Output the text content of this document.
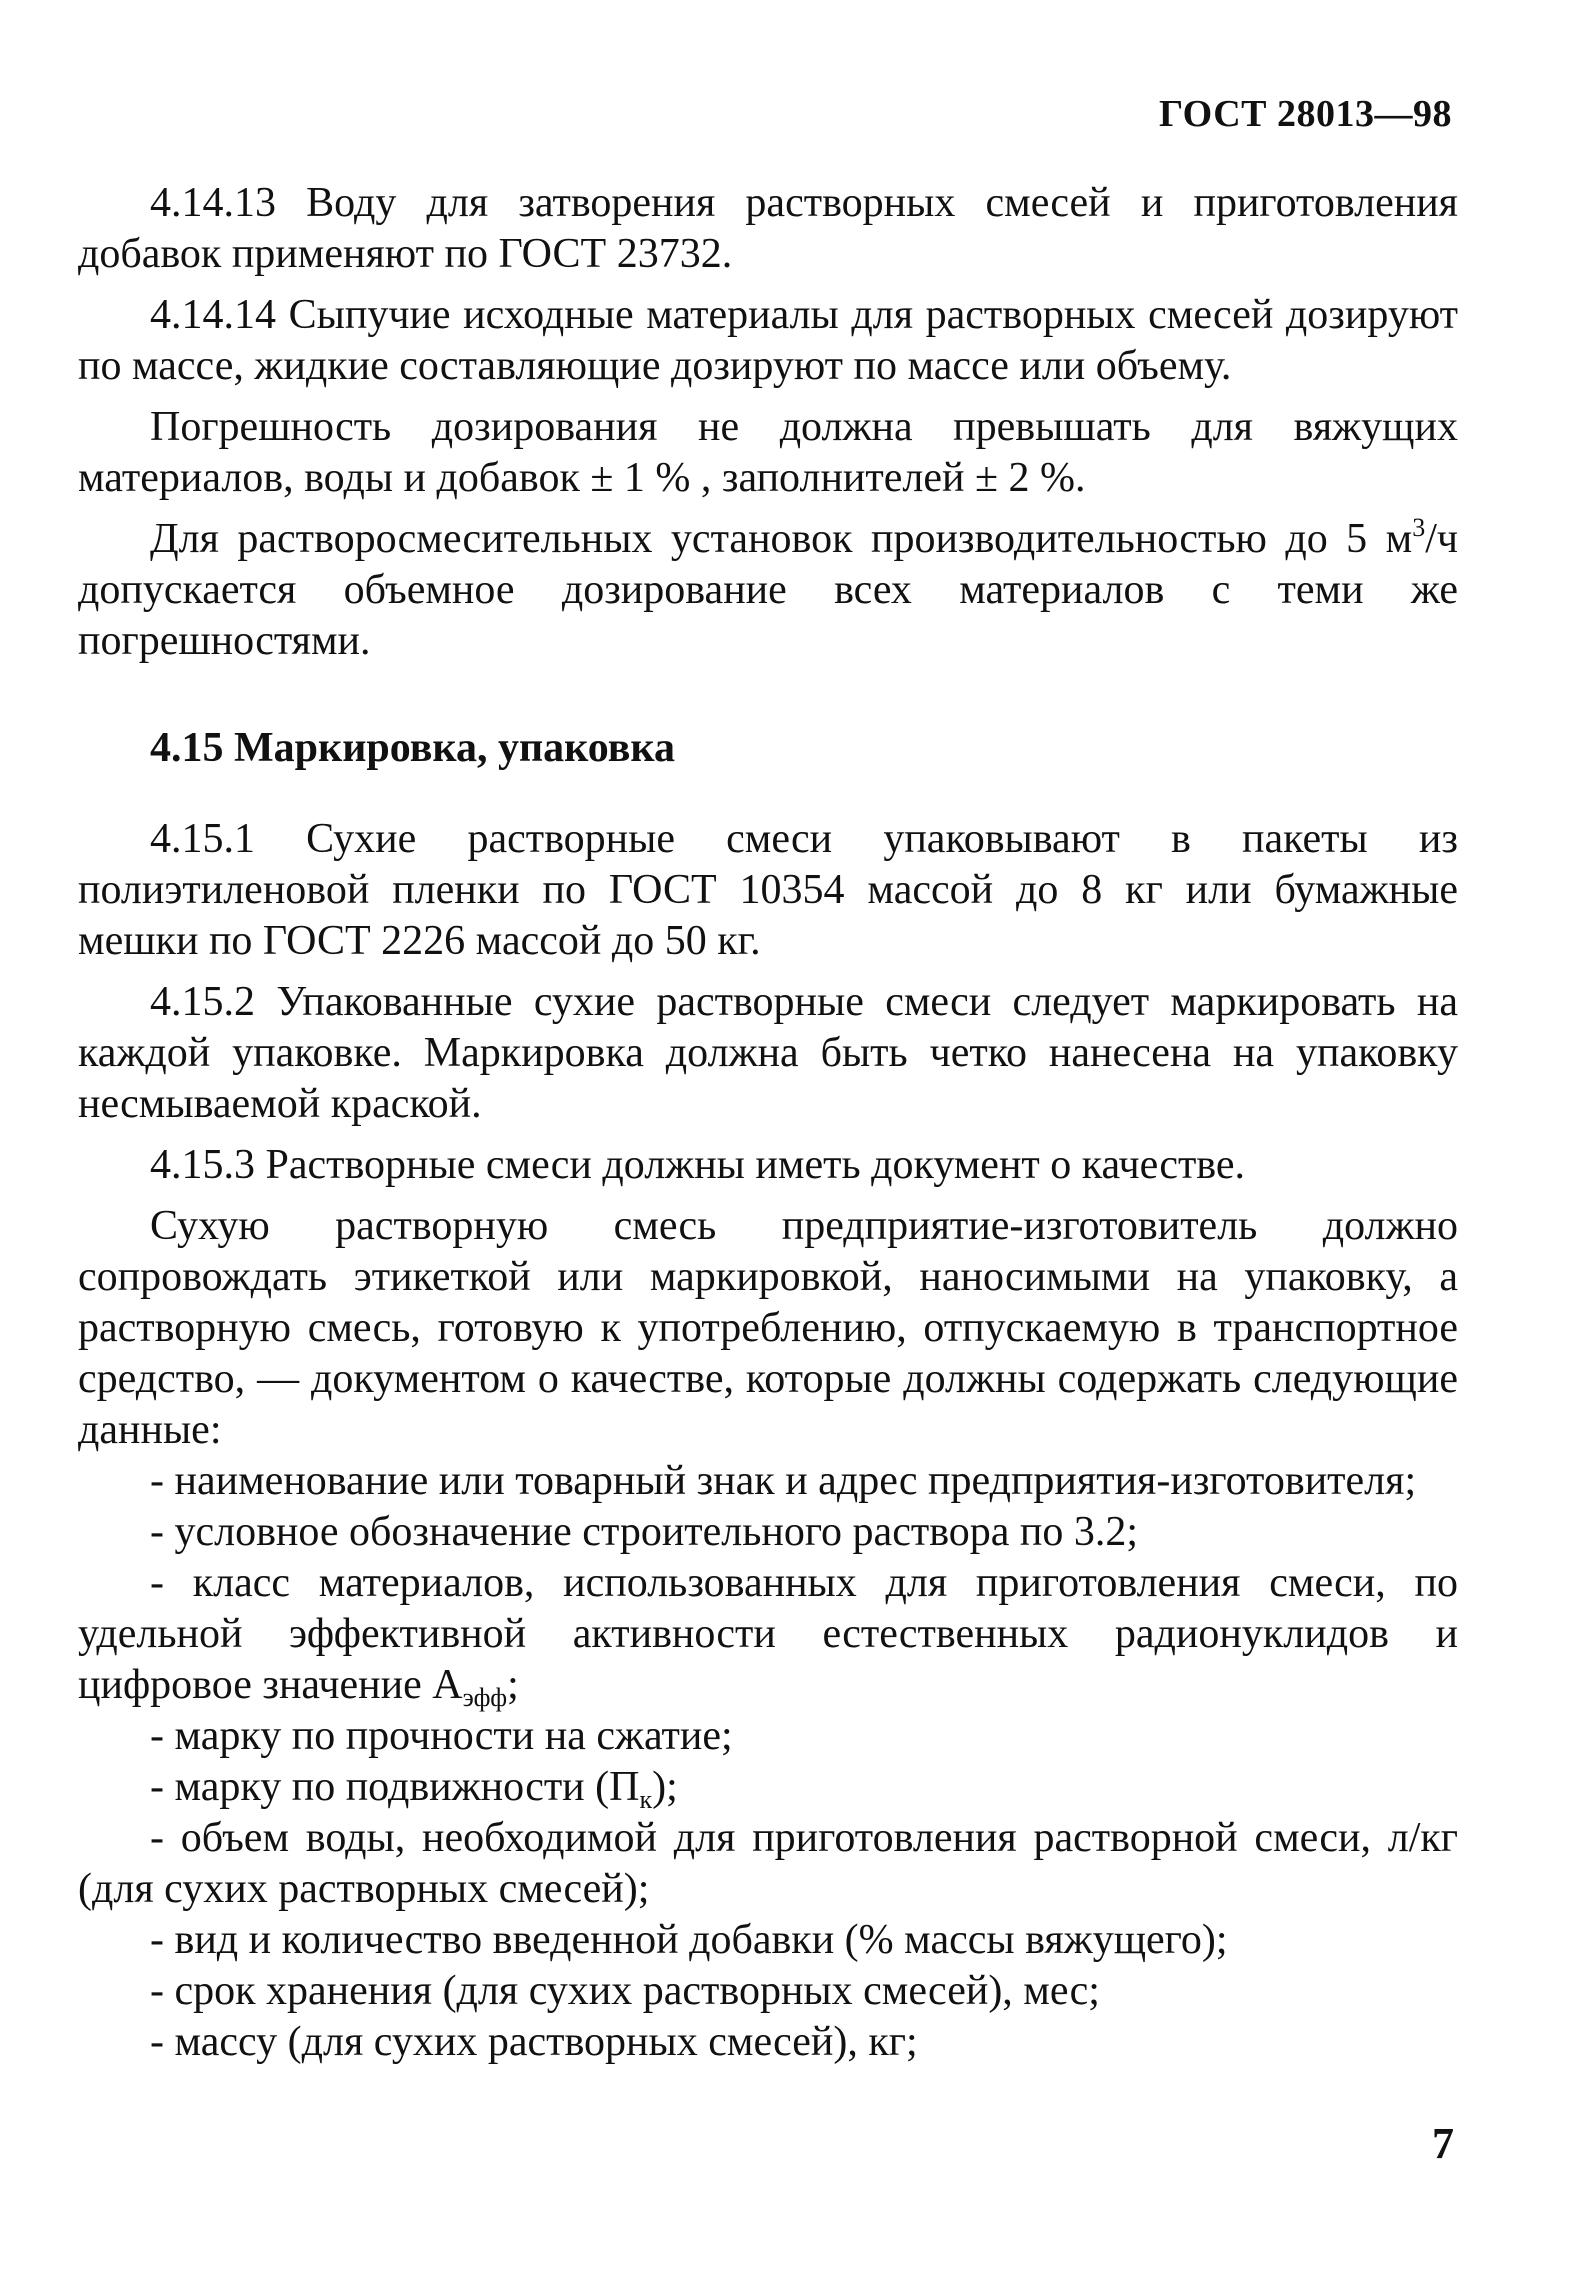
ГОСТ 28013—98

4.14.13 Воду для затворения растворных смесей и приготовления добавок применяют по ГОСТ 23732.

4.14.14 Сыпучие исходные материалы для растворных смесей дозируют по массе, жидкие составляющие дозируют по массе или объему.

Погрешность дозирования не должна превышать для вяжущих материалов, воды и добавок ± 1 % , заполнителей ± 2 %.

Для растворосмесительных установок производительностью до 5 $м^3/ч$ допускается объемное дозирование всех материалов с теми же погрешностями.

4.15 Маркировка, упаковка

4.15.1 Сухие растворные смеси упаковывают в пакеты из полиэтиленовой пленки по ГОСТ 10354 массой до 8 кг или бумажные мешки по ГОСТ 2226 массой до 50 кг.

4.15.2 Упакованные сухие растворные смеси следует маркировать на каждой упаковке. Маркировка должна быть четко нанесена на упаковку несмываемой краской.

4.15.3 Растворные смеси должны иметь документ о качестве.

Сухую растворную смесь предприятие-изготовитель должно сопровождать этикеткой или маркировкой, наносимыми на упаковку, а растворную смесь, готовую к употреблению, отпускаемую в транспортное средство, — документом о качестве, которые должны содержать следующие данные:

- наименование или товарный знак и адрес предприятия-изготовителя;

- условное обозначение строительного раствора по 3.2;

- класс материалов, использованных для приготовления смеси, по удельной эффективной активности естественных радионуклидов и цифровое значение $А_{эфф}$;

- марку по прочности на сжатие;

- марку по подвижности $(П_к)$;

- объем воды, необходимой для приготовления растворной смеси, л/кг (для сухих растворных смесей);

- вид и количество введенной добавки (% массы вяжущего);

- срок хранения (для сухих растворных смесей), мес;

- массу (для сухих растворных смесей), кг;

7
